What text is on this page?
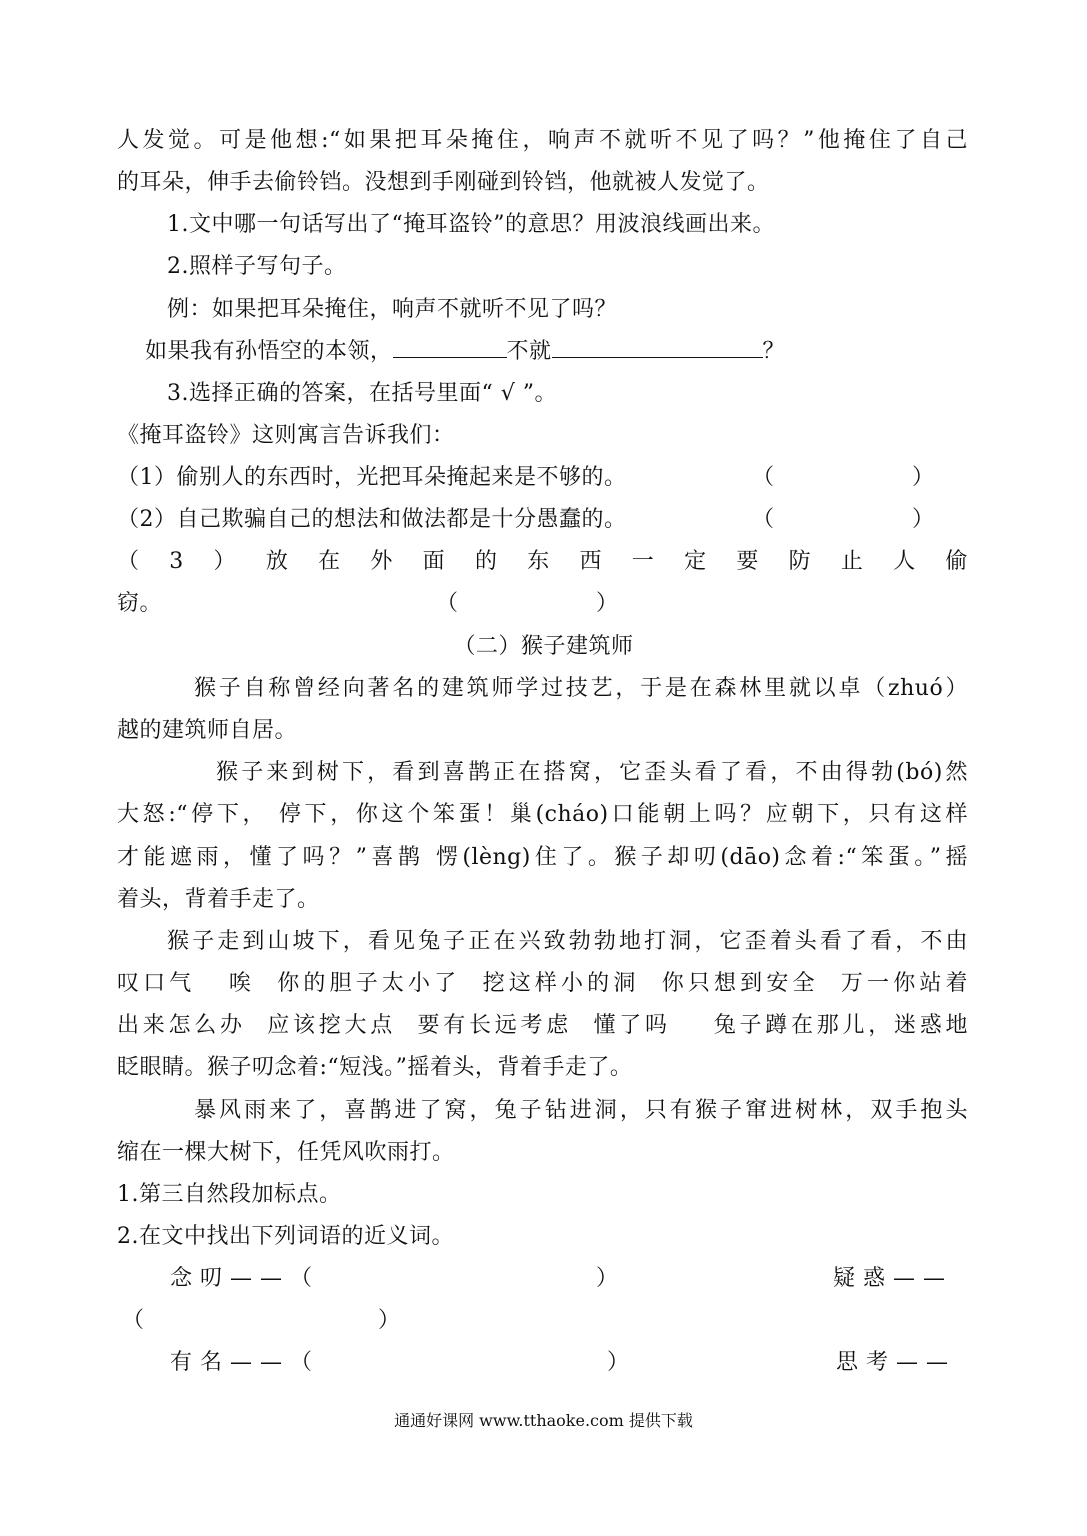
人发觉。可是他想:“如果把耳朵掩住，响声不就听不见了吗？”他掩住了自己
的耳朵，伸手去偷铃铛。没想到手刚碰到铃铛，他就被人发觉了。
1.文中哪一句话写出了“掩耳盗铃”的意思？用波浪线画出来。
2.照样子写句子。
例：如果把耳朵掩住，响声不就听不见了吗？
如果我有孙悟空的本领，	不就	？
3.选择正确的答案，在括号里面“ √ ”。
《掩耳盗铃》这则寓言告诉我们：
（1）偷别人的东西时，光把耳朵掩起来是不够的。	（	）
（2）自己欺骗自己的想法和做法都是十分愚蠢的。	（	）
（3）放在外面的东西一定要防止人偷
窃。	（	）
（二）猴子建筑师
猴子自称曾经向著名的建筑师学过技艺，于是在森林里就以卓（zhuó）
越的建筑师自居。
猴子来到树下，看到喜鹊正在搭窝，它歪头看了看，不由得勃(bó)然
大怒:“停下， 停下，你这个笨蛋！巢(cháo)口能朝上吗？应朝下，只有这样
才能遮雨，懂了吗？”喜鹊 愣(lèng)住了。猴子却叨(dāo)念着:“笨蛋。”摇
着头，背着手走了。
猴子走到山坡下，看见兔子正在兴致勃勃地打洞，它歪着头看了看，不由
叹口气   唉  你的胆子太小了  挖这样小的洞  你只想到安全  万一你站着
出来怎么办  应该挖大点  要有长远考虑  懂了吗    兔子蹲在那儿，迷惑地
眨眼睛。猴子叨念着:“短浅。”摇着头，背着手走了。
暴风雨来了，喜鹊进了窝，兔子钻进洞，只有猴子窜进树林，双手抱头
缩在一棵大树下，任凭风吹雨打。
1.第三自然段加标点。
2.在文中找出下列词语的近义词。
念叨——（	）	疑惑——
（	）
有名——（	）	思考——
通通好课网 www.tthaoke.com 提供下载
